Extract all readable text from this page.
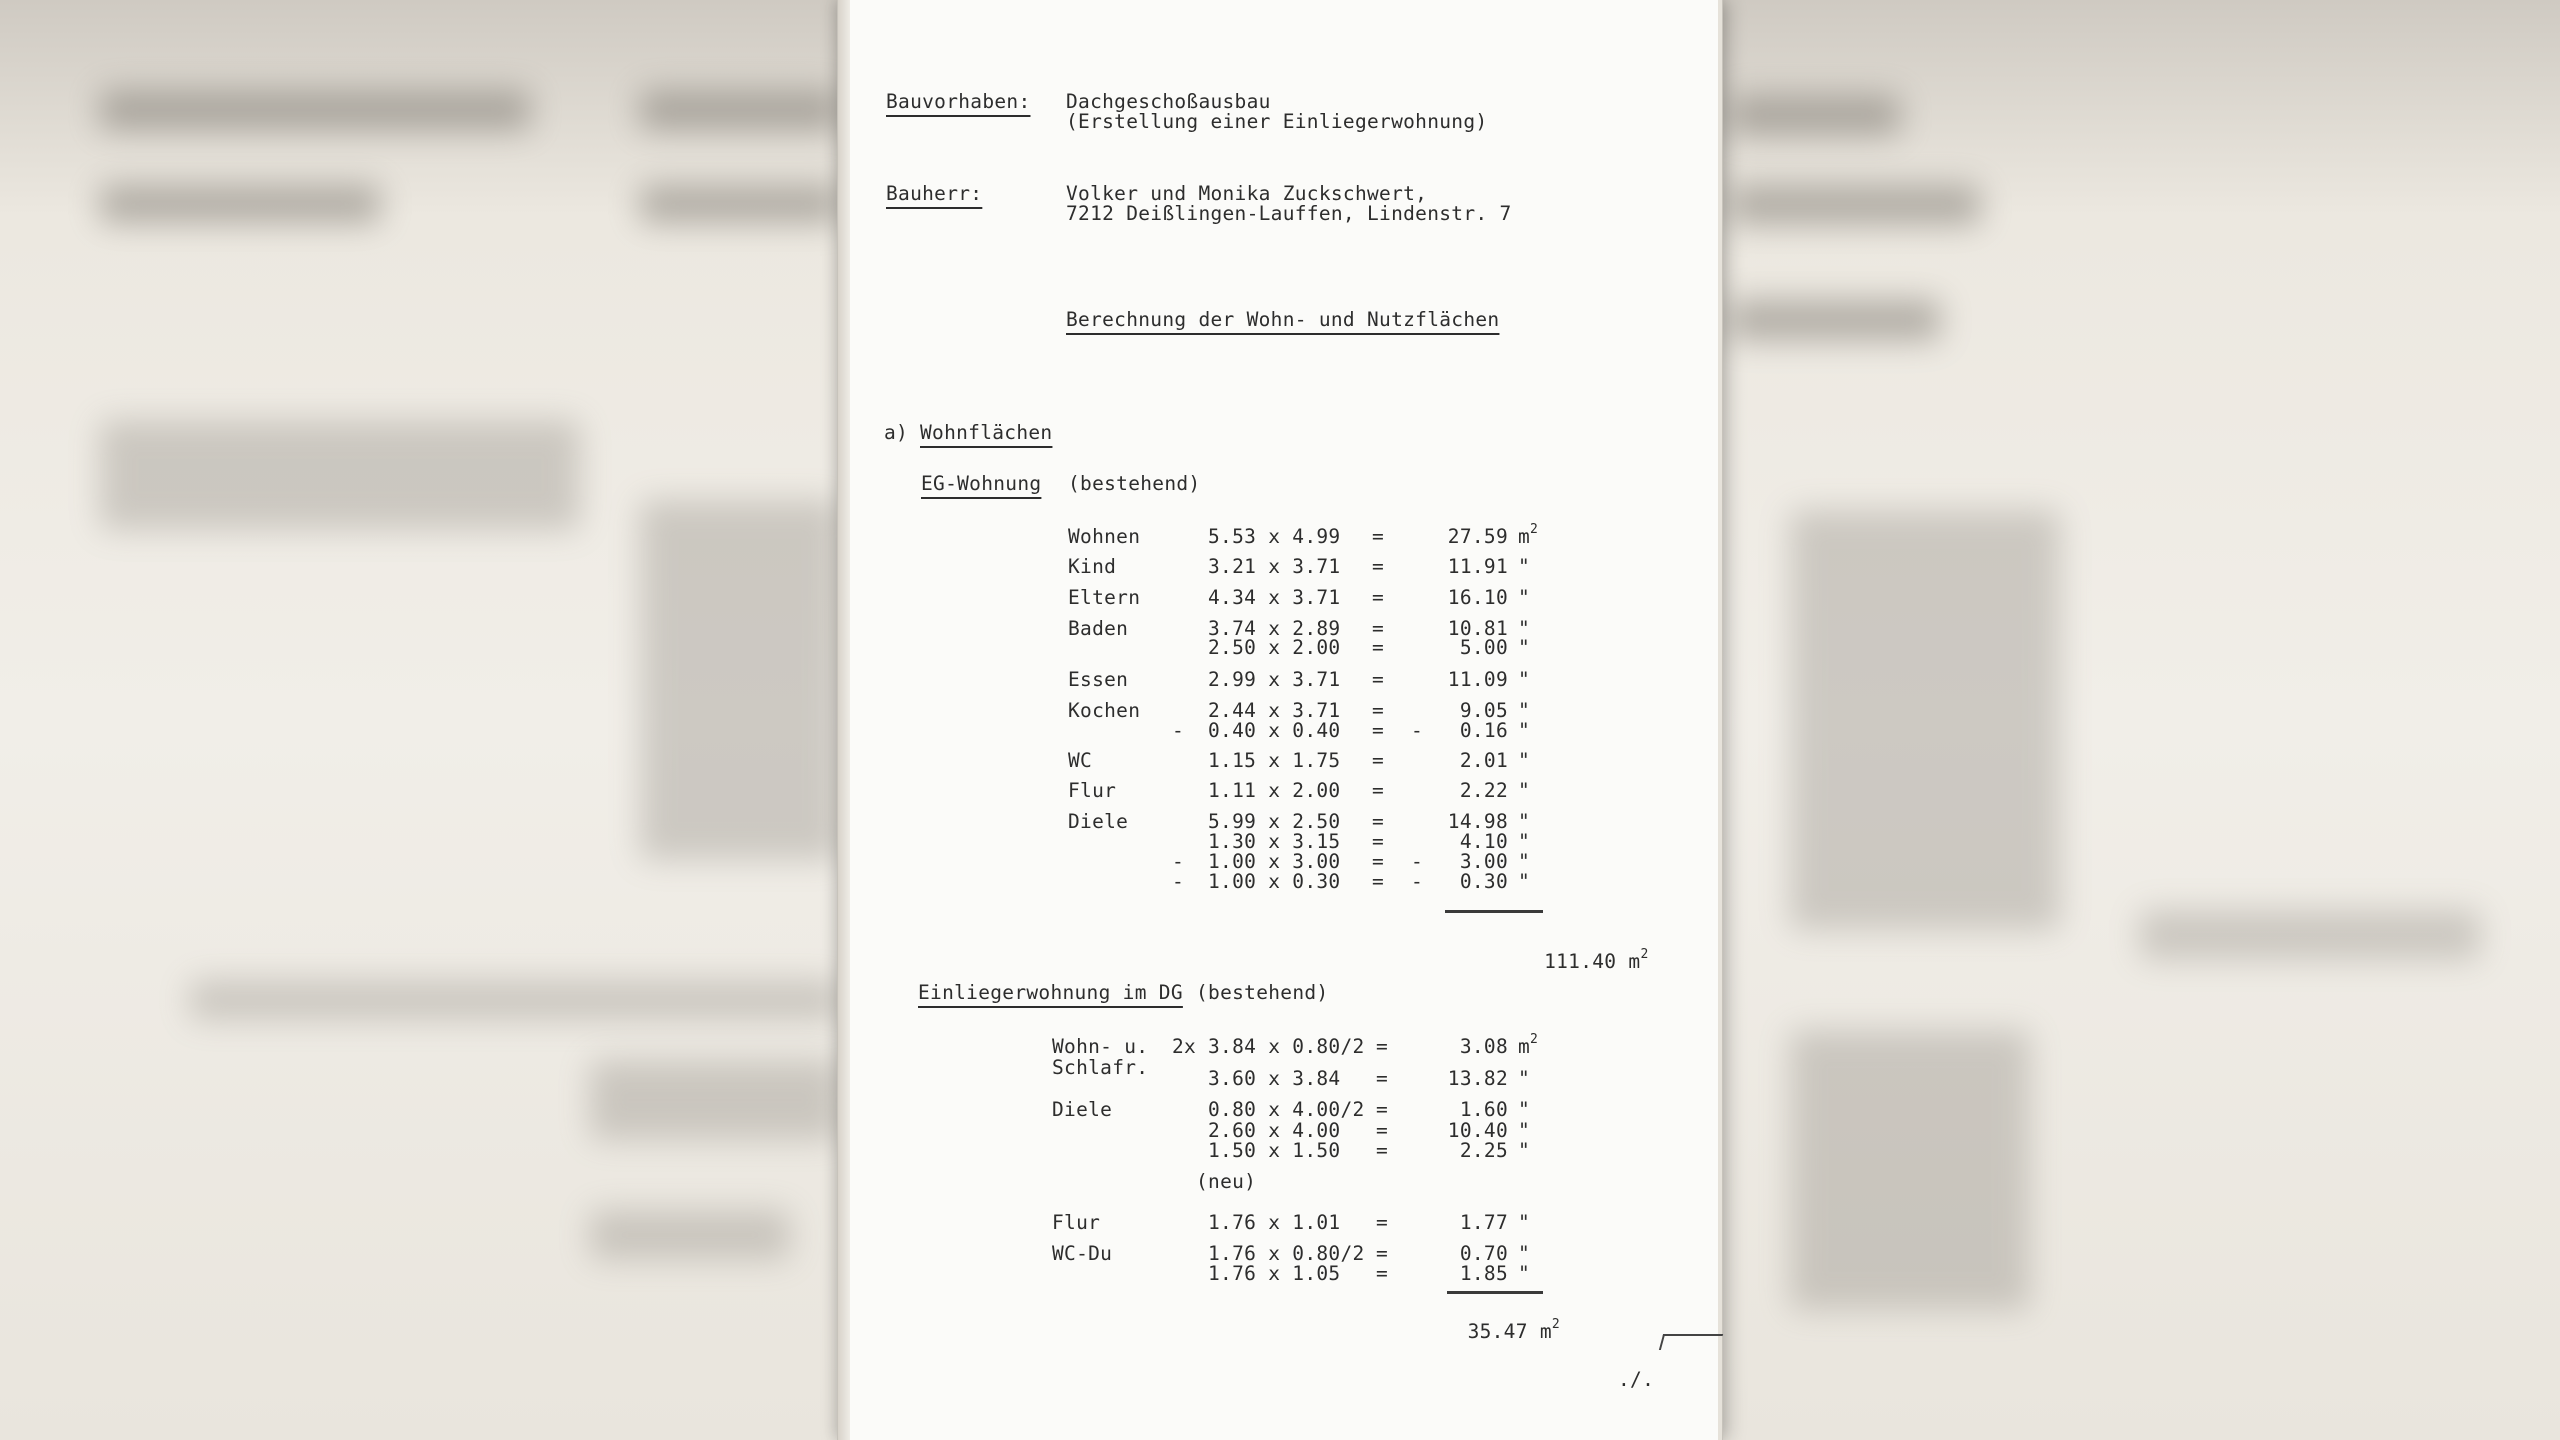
Bauvorhaben: Dachgeschoßausbau
(Erstellung einer Einliegerwohnung)
Bauherr:	Volker und Monika Zuckschwert,
7212 Deißlingen-Lauffen, Lindenstr. 7
Berechnung der Wohn- und Nutzflächen
a) Wohnflächen
EG-Wohnung (bestehend)
Wohnen	5.53 x 4.99 =	27.59 $m^2$
Kind	3.21 x 3.71 =	11.91 "
Eltern	4.34 x 3.71 =	16.10 "
Baden	3.74 x 2.89 =	10.81 "
2.50 x 2.00 =	5.00 "
Essen	2.99 x 3.71 =	11.09 "
Kochen	2.44 x 3.71 =	9.05 "
- 0.40 x 0.40 = -	0.16 "
WC	1.15 x 1.75 =	2.01 "
Flur	1.11 x 2.00 =	2.22 "
Diele	5.99 x 2.50 =	14.98 "
1.30 x 3.15 =	4.10 "
- 1.00 x 3.00 = -	3.00 "
- 1.00 x 0.30 = -	0.30 "

111.40 $m^2$

Einliegerwohnung im DG (bestehend)
Wohn- u. 2x 3.84 x 0.80/2 =	3.08 $m^2$
Schlafr.	3.60 x 3.84 =	13.82 "
Diele	0.80 x 4.00/2 =	1.60 "
2.60 x 4.00 =	10.40 "
1.50 x 1.50 =	2.25 "
(neu)
Flur	1.76 x 1.01 =	1.77 "
WC-Du	1.76 x 0.80/2 =	0.70 "
1.76 x 1.05 =	1.85 "

35.47 $m^2$

./.
